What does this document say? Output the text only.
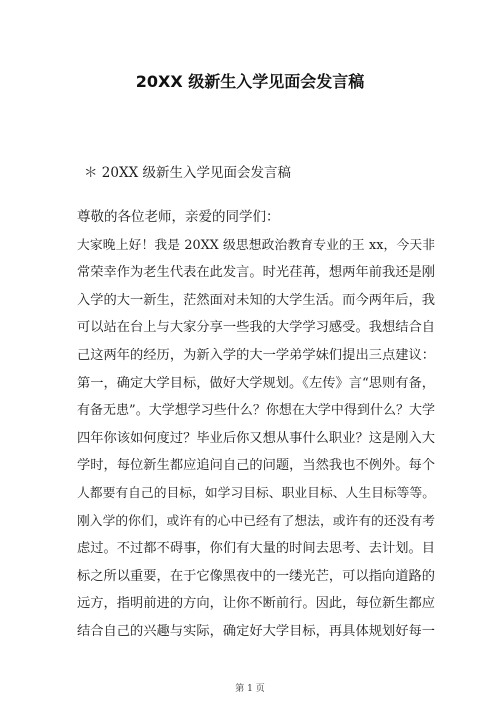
20XX 级新生入学见面会发言稿

＊ 20XX 级新生入学见面会发言稿

尊敬的各位老师，亲爱的同学们：
大家晚上好！我是 20XX 级思想政治教育专业的王 xx，今天非
常荣幸作为老生代表在此发言。时光荏苒，想两年前我还是刚
入学的大一新生，茫然面对未知的大学生活。而今两年后，我
可以站在台上与大家分享一些我的大学学习感受。我想结合自
己这两年的经历，为新入学的大一学弟学妹们提出三点建议：
第一，确定大学目标，做好大学规划。《左传》言“思则有备，
有备无患”。大学想学习些什么？你想在大学中得到什么？大学
四年你该如何度过？毕业后你又想从事什么职业？这是刚入大
学时，每位新生都应追问自己的问题，当然我也不例外。每个
人都要有自己的目标，如学习目标、职业目标、人生目标等等。
刚入学的你们，或许有的心中已经有了想法，或许有的还没有考
虑过。不过都不碍事，你们有大量的时间去思考、去计划。目
标之所以重要，在于它像黑夜中的一缕光芒，可以指向道路的
远方，指明前进的方向，让你不断前行。因此，每位新生都应
结合自己的兴趣与实际，确定好大学目标，再具体规划好每一

第 1 页
